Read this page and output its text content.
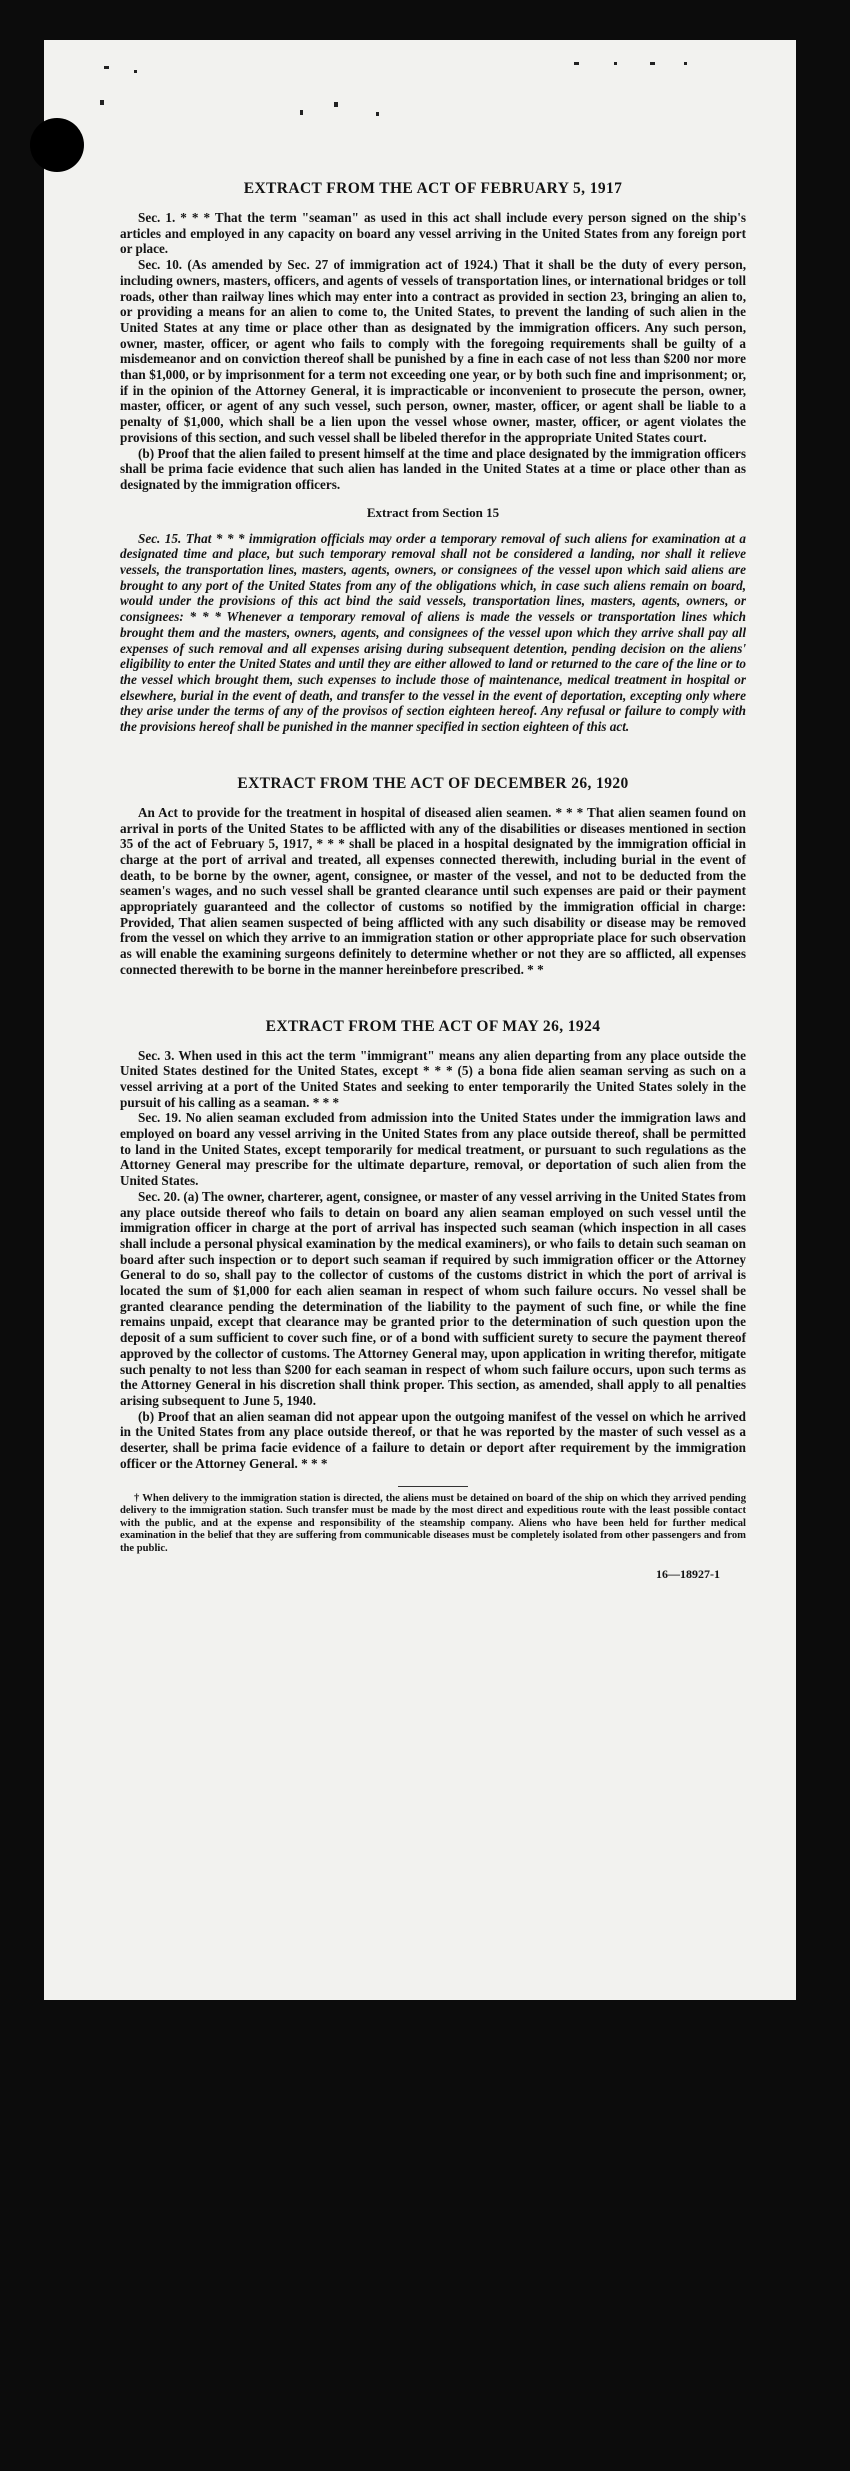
EXTRACT FROM THE ACT OF FEBRUARY 5, 1917

Sec. 1. * * * That the term "seaman" as used in this act shall include every person signed on the ship's articles and employed in any capacity on board any vessel arriving in the United States from any foreign port or place.

Sec. 10. (As amended by Sec. 27 of immigration act of 1924.) That it shall be the duty of every person, including owners, masters, officers, and agents of vessels of transportation lines, or international bridges or toll roads, other than railway lines which may enter into a contract as provided in section 23, bringing an alien to, or providing a means for an alien to come to, the United States, to prevent the landing of such alien in the United States at any time or place other than as designated by the immigration officers. Any such person, owner, master, officer, or agent who fails to comply with the foregoing requirements shall be guilty of a misdemeanor and on conviction thereof shall be punished by a fine in each case of not less than $200 nor more than $1,000, or by imprisonment for a term not exceeding one year, or by both such fine and imprisonment; or, if in the opinion of the Attorney General, it is impracticable or inconvenient to prosecute the person, owner, master, officer, or agent of any such vessel, such person, owner, master, officer, or agent shall be liable to a penalty of $1,000, which shall be a lien upon the vessel whose owner, master, officer, or agent violates the provisions of this section, and such vessel shall be libeled therefor in the appropriate United States court.

(b) Proof that the alien failed to present himself at the time and place designated by the immigration officers shall be prima facie evidence that such alien has landed in the United States at a time or place other than as designated by the immigration officers.

Extract from Section 15

Sec. 15. That * * * immigration officials may order a temporary removal of such aliens for examination at a designated time and place, but such temporary removal shall not be considered a landing, nor shall it relieve vessels, the transportation lines, masters, agents, owners, or consignees of the vessel upon which said aliens are brought to any port of the United States from any of the obligations which, in case such aliens remain on board, would under the provisions of this act bind the said vessels, transportation lines, masters, agents, owners, or consignees: * * * Whenever a temporary removal of aliens is made the vessels or transportation lines which brought them and the masters, owners, agents, and consignees of the vessel upon which they arrive shall pay all expenses of such removal and all expenses arising during subsequent detention, pending decision on the aliens' eligibility to enter the United States and until they are either allowed to land or returned to the care of the line or to the vessel which brought them, such expenses to include those of maintenance, medical treatment in hospital or elsewhere, burial in the event of death, and transfer to the vessel in the event of deportation, excepting only where they arise under the terms of any of the provisos of section eighteen hereof. Any refusal or failure to comply with the provisions hereof shall be punished in the manner specified in section eighteen of this act.

EXTRACT FROM THE ACT OF DECEMBER 26, 1920

An Act to provide for the treatment in hospital of diseased alien seamen. * * * That alien seamen found on arrival in ports of the United States to be afflicted with any of the disabilities or diseases mentioned in section 35 of the act of February 5, 1917, * * * shall be placed in a hospital designated by the immigration official in charge at the port of arrival and treated, all expenses connected therewith, including burial in the event of death, to be borne by the owner, agent, consignee, or master of the vessel, and not to be deducted from the seamen's wages, and no such vessel shall be granted clearance until such expenses are paid or their payment appropriately guaranteed and the collector of customs so notified by the immigration official in charge: Provided, That alien seamen suspected of being afflicted with any such disability or disease may be removed from the vessel on which they arrive to an immigration station or other appropriate place for such observation as will enable the examining surgeons definitely to determine whether or not they are so afflicted, all expenses connected therewith to be borne in the manner hereinbefore prescribed. * *

EXTRACT FROM THE ACT OF MAY 26, 1924

Sec. 3. When used in this act the term "immigrant" means any alien departing from any place outside the United States destined for the United States, except * * * (5) a bona fide alien seaman serving as such on a vessel arriving at a port of the United States and seeking to enter temporarily the United States solely in the pursuit of his calling as a seaman. * * *

Sec. 19. No alien seaman excluded from admission into the United States under the immigration laws and employed on board any vessel arriving in the United States from any place outside thereof, shall be permitted to land in the United States, except temporarily for medical treatment, or pursuant to such regulations as the Attorney General may prescribe for the ultimate departure, removal, or deportation of such alien from the United States.

Sec. 20. (a) The owner, charterer, agent, consignee, or master of any vessel arriving in the United States from any place outside thereof who fails to detain on board any alien seaman employed on such vessel until the immigration officer in charge at the port of arrival has inspected such seaman (which inspection in all cases shall include a personal physical examination by the medical examiners), or who fails to detain such seaman on board after such inspection or to deport such seaman if required by such immigration officer or the Attorney General to do so, shall pay to the collector of customs of the customs district in which the port of arrival is located the sum of $1,000 for each alien seaman in respect of whom such failure occurs. No vessel shall be granted clearance pending the determination of the liability to the payment of such fine, or while the fine remains unpaid, except that clearance may be granted prior to the determination of such question upon the deposit of a sum sufficient to cover such fine, or of a bond with sufficient surety to secure the payment thereof approved by the collector of customs. The Attorney General may, upon application in writing therefor, mitigate such penalty to not less than $200 for each seaman in respect of whom such failure occurs, upon such terms as the Attorney General in his discretion shall think proper. This section, as amended, shall apply to all penalties arising subsequent to June 5, 1940.

(b) Proof that an alien seaman did not appear upon the outgoing manifest of the vessel on which he arrived in the United States from any place outside thereof, or that he was reported by the master of such vessel as a deserter, shall be prima facie evidence of a failure to detain or deport after requirement by the immigration officer or the Attorney General. * * *

† When delivery to the immigration station is directed, the aliens must be detained on board of the ship on which they arrived pending delivery to the immigration station. Such transfer must be made by the most direct and expeditious route with the least possible contact with the public, and at the expense and responsibility of the steamship company. Aliens who have been held for further medical examination in the belief that they are suffering from communicable diseases must be completely isolated from other passengers and from the public.

16—18927-1
